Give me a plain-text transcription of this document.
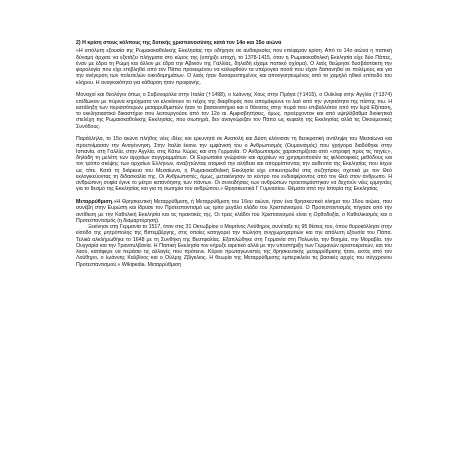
2) Η κρίση στους κόλπους της δυτικής χριστιανοσύνης κατά τον 14ο και 15ο αιώνα

«Η απόλυτη εξουσία της Ρωμαιοκαθολικής Εκκλησίας την οδήγησε σε αυθαιρεσίες που επέφεραν κρίση. Από το 14ο αιώνα η παπική δύναμη άρχισε να εξετάζει πλήγματα στο κύρος της (υπήρξε εποχή, το 1378-1415, όταν η Ρωμαιοκαθολική Εκκλησία είχε δύο Πάπες, έναν με έδρα τη Ρώμη και άλλον με έδρα την Αβινιόν της Γαλλίας, δηλαδή είχαμε παπικό σχίσμα). Ο λαός θεώρησε δυσβάστακτη την φορολογία που είχε επιβληθεί από τον Πάπα προκειμένου να καλυφθούν τα υπέρογκα ποσά που είχαν δαπανηθεί σε πολέμους και για την ανέγερση των πολυτελών οικοδομημάτων. Ο λαός ήταν δυσαρεστημένος και αποογοητευμένος από το χαμηλό ηθικό επίπεδο του κλήρου. Η αναγκαιότητα για κάθαρση ήταν προφανής.

Μοναχοί και θεολόγοι όπως ο Σαβοναρόλα στην Ιταλία (†1498), ο Ιωάννης Χους στην Πράγα (†1415), ο Ουϊκλιφ στην Αγγλία (†1374) επιδίωκαν με πύρινα κηρύγματα να κλονίσουν το τείχος της διαφθοράς που απομάκρυνε το λαό από την γνησιότητα της πίστης του. Η κατάληξη των περισσότερων μεταρρυθμιστών ήταν το βασανιστήρια και ο θάνατος στην πυρά που επιβαλλόταν από την Ιερά Εξέταση, το εκκλησιαστικό δικαστήριο που λειτουργούσε από τον 12ο αι. Αμφισβητήσεις, όμως, προέρχονταν και από υψηλόβαθμα διοικητικά στελέχη της Ρωμαιοκαθολικής Εκκλησίας, που σιωπηρά, δεν αναγνώριζαν τον Πάπα ως κεφαλή της Εκκλησίας αλλά τις Οικουμενικές Συνόδους.

Παράλληλα, το 15ο αιώνα πλήθος νέες ιδέες και ερευνητά σε Ανατολή και Δύση κλόνισαν τη θεοκρατική αντίληψη του Μεσαίωνα και προετοίμασαν την Αναγέννηση. Στην Ιταλία έκανε την εμφάνισή του ο Ανθρωπισμός (Ουμανισμός) που γρήγορα διαδόθηκε στην Ισπανία, στη Γαλλία, στην Αγγλία, στις Κάτω Χώρες και στη Γερμανία. Ο Ανθρωπισμός χαρακτηρίζεται από «στροφή προς τις πηγές», δηλαδή τη μελέτη των αρχαίων συγγραμμάτων. Οι Ευρωπαίοι γνώρισαν και αρχαίων να χρησιμοποιούν τις φιλοσοφικές μεθόδους και τον τρόπο σκέψης των αρχαίων Ελλήνων, αναζητώντας ατομικά την αλήθεια και απορρίπτοντας την αυθεντία της Εκκλησίας που ίσχυε ως τότε. Κατά τη διάρκεια του Μεσαίωνα, η Ρωμαιοκαθολική Εκκλησία είχε επικεντρωθεί στις συζητήσεις σχετικά με τον Θεό εκλογικεύοντας τη διδασκαλία της. Οι Ανθρωπιστές, όμως, μετακίνησαν το κέντρο του ενδιαφέροντος από τον Θεό στον άνθρωπο. Η ανθρώπινη σοφία έγινε το μέτρο κατανόησης των πάντων. Οι συνειδήσεις των ανθρώπων προετοιμάστηκαν να δεχτούν νέες ερμηνείες για το θεσμό της Εκκλησίας και για τη σωτηρία του ανθρώπου.» Θρησκευτικά Γ Γυμνασίου. Θέματα από την Ιστορία της Εκκλησίας

Μεταρρύθμιση.«Η Θρησκευτική Μεταρρύθμιση, ή Μεταρρύθμιση του 16ου αιώνα, ήταν ένα θρησκευτικό κίνημα του 16ου αιώνα, που συνέβη στην Ευρώπη και ίδρυσε τον Προτεσταντισμό ως τρίτο μεγάλο κλάδο του Χριστιανισμού. Ο Προτεσταντισμός πήγασε από την αντίθεση με την Καθολική Εκκλησία και τις πρακτικές της. Οι τρεις κλάδοι του Χριστιανισμού είναι η Ορθοδοξία, ο Καθολικισμός και ο Προτεσταντισμός (η διαμαρτύρηση).

Ξεκίνησε στη Γερμανία το 1517, όταν στις 31 Οκτωβρίου ο Μαρτίνος Λούθηρος συνέταξε τις 95 θέσεις του, όπου θυροκόλλησε στην είσοδο της μητρόπολης της Βιττεμβέργης, στις οποίες κατηγορεί την πώληση συγχωροχαρτιών και την απόλυτη εξουσία του Πάπα. Τελικά αλκλήρωθήκε το 1648 με τη Συνθήκη της Βεστφαλίας. Εξαπλώθηκε στη Γερμανία στη Πολωνία, την Βοημία, την Μοραβία, την Ουγγαρία και την Τρανσυλβανία. Η Παπική Εκκλησία τον κήρυξε αιρετικό αλλά με την υποστήριξη των Γερμανών αριστοκρατών, και του λαού, κατάφερε να περάσει τις αλλαγές που πρότεινε. Κύριοι πρωταγωνιστές της θρησκευτικής μεταρρύθμισης ήταν, εκτός από τον Λούθηρο, ο Ιωάννης Καλβίνος και ο Ούλριχ Ζβίγκλιος. Η θεωρία της Μεταρρύθμισης εμπερικλείει τις βασικές αρχές του σύγχρονου Προτεσταντισμού.» Wikipedia. Μεταρρύθμιση
